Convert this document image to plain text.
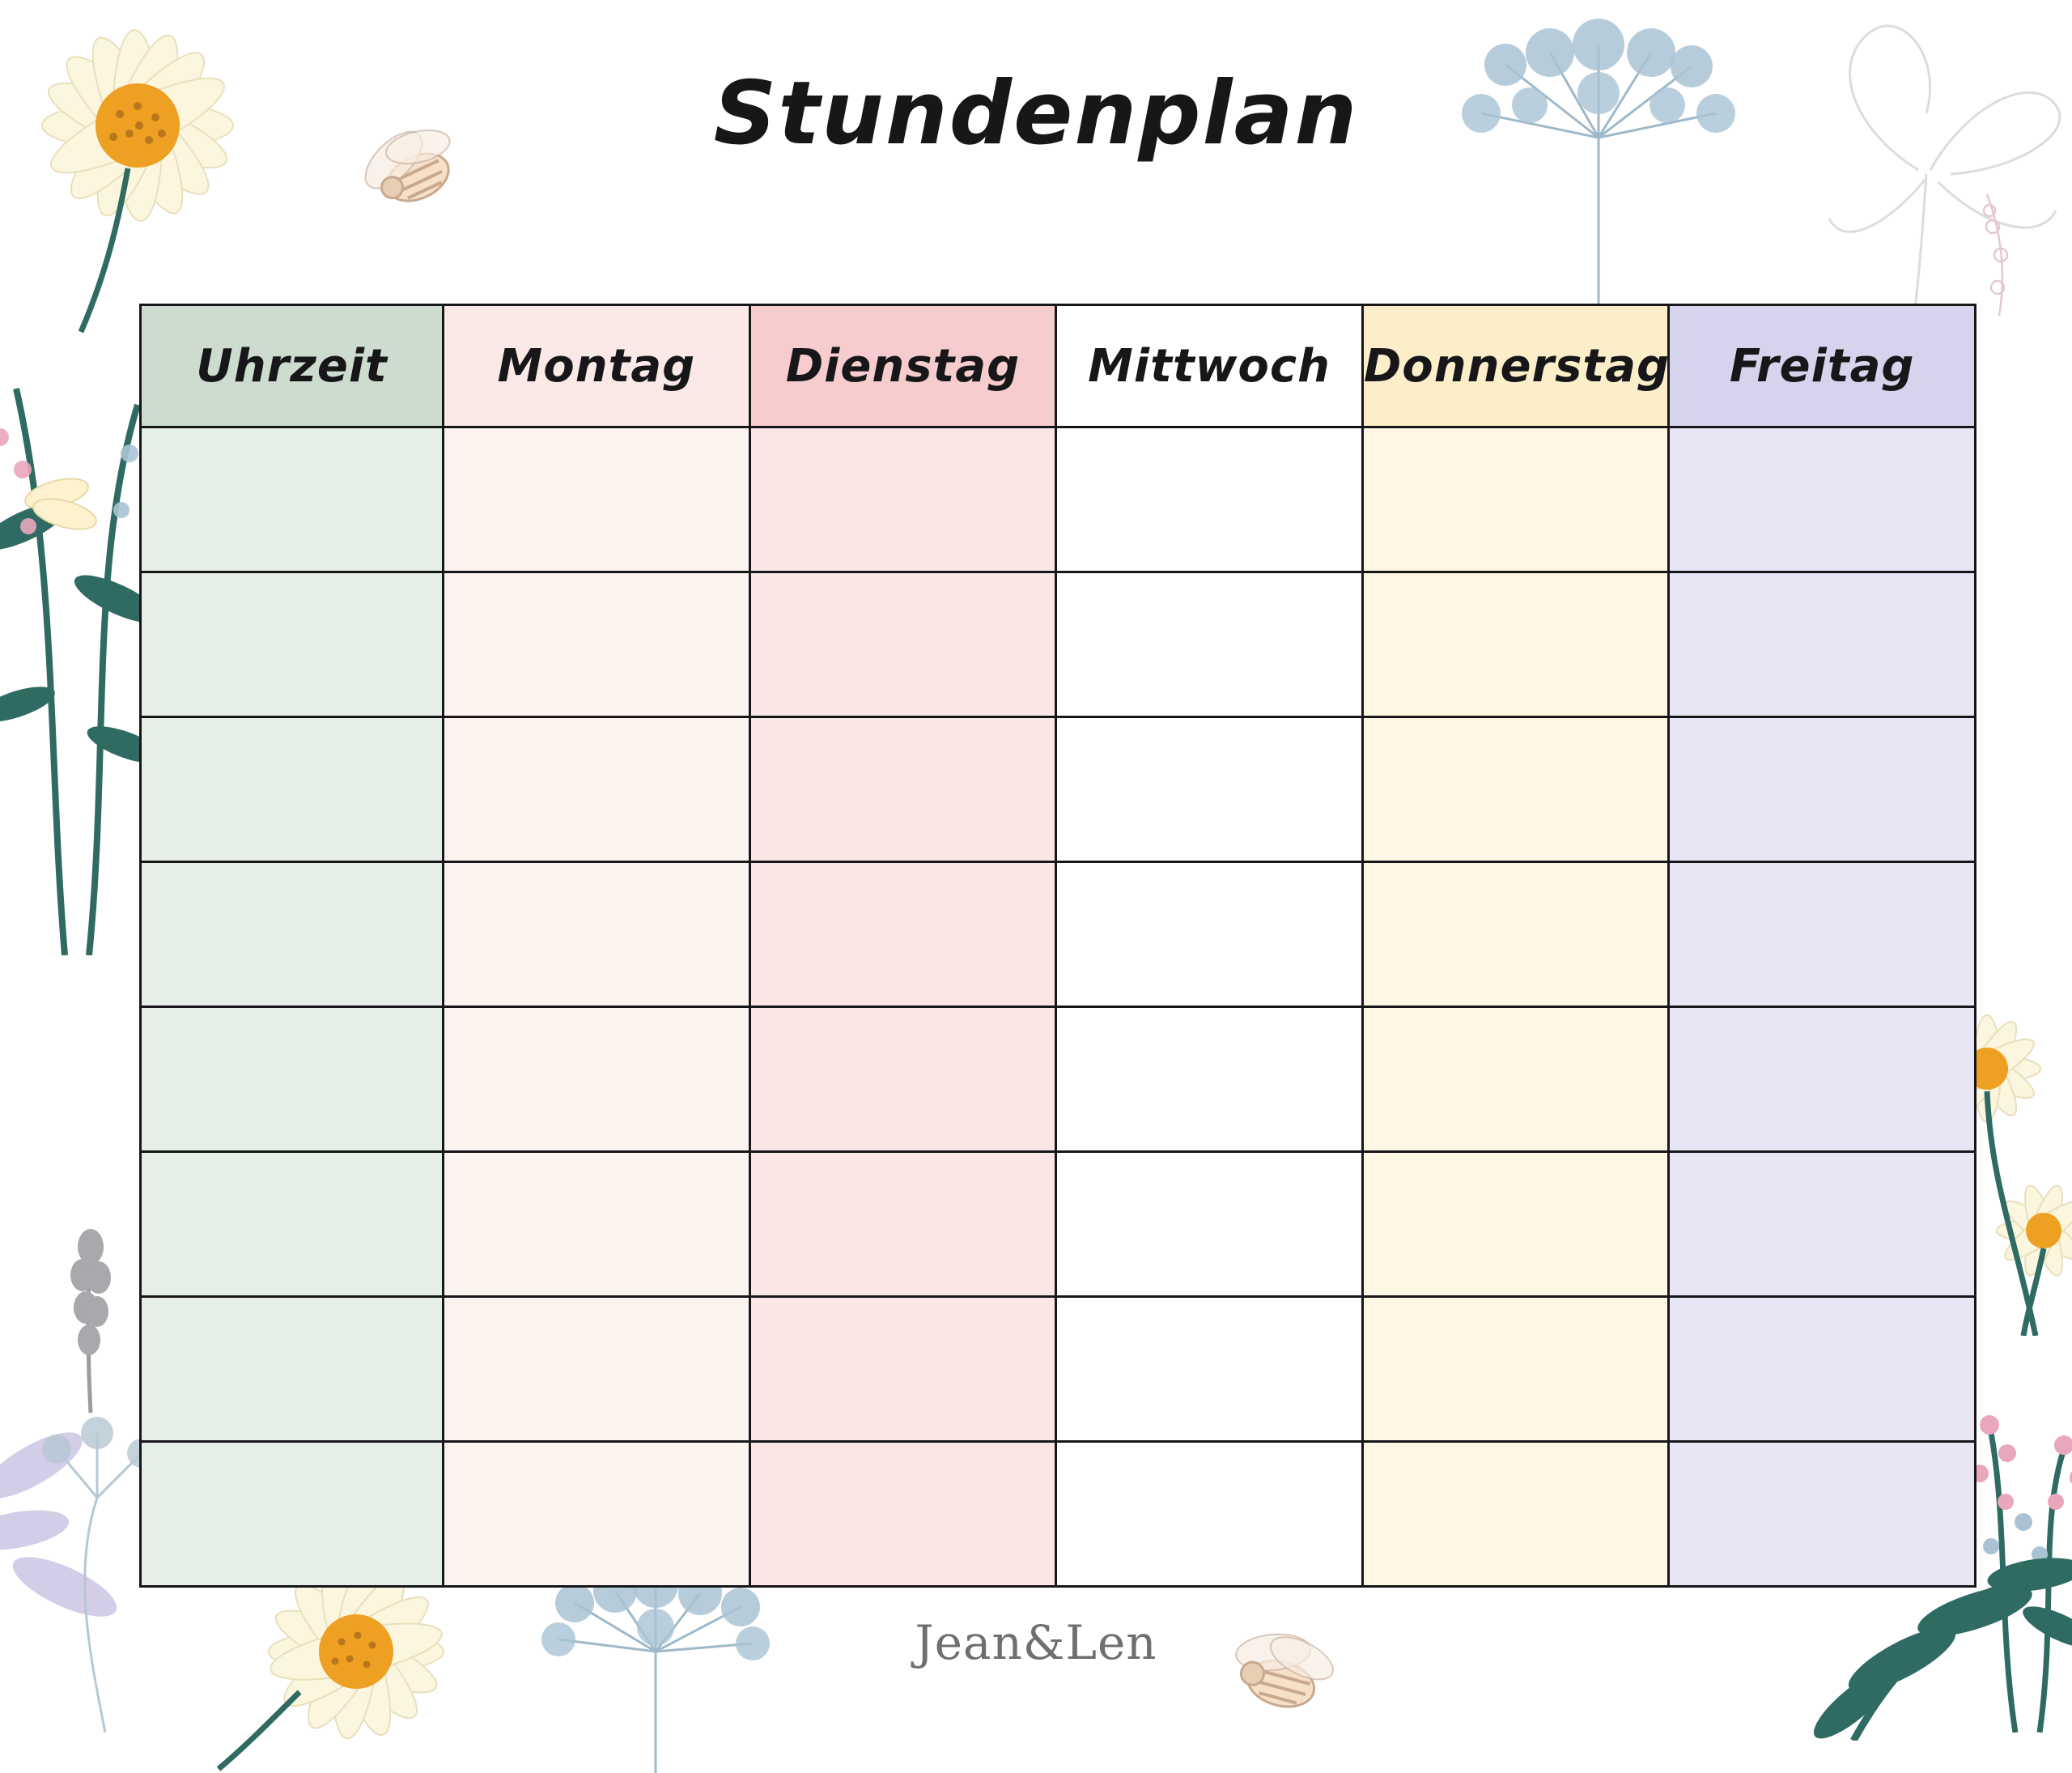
Stundenplan
Uhrzeit	Montag	Dienstag	Mittwoch	Donnerstag	Freitag

Jean&Len
